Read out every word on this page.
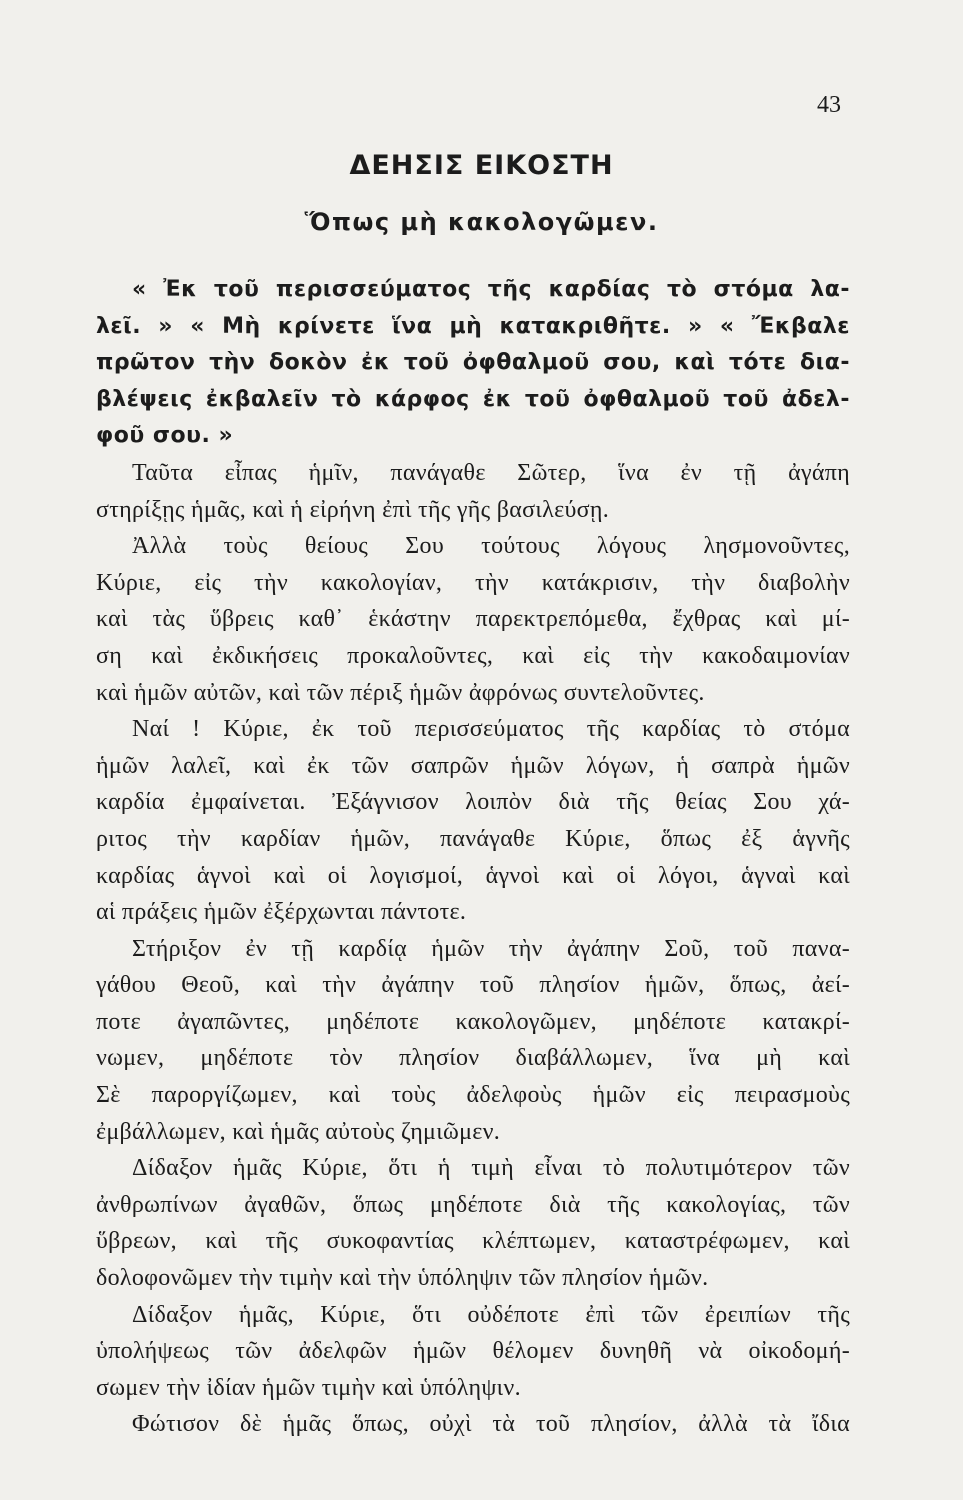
43
ΔΕΗΣΙΣ ΕΙΚΟΣΤΗ
Ὅπως μὴ κακολογῶμεν.
« Ἐκ τοῦ περισσεύματος τῆς καρδίας τὸ στόμα λα-
λεῖ. » « Μὴ κρίνετε ἵνα μὴ κατακριθῆτε. » « Ἔκβαλε
πρῶτον τὴν δοκὸν ἐκ τοῦ ὀφθαλμοῦ σου, καὶ τότε δια-
βλέψεις ἐκβαλεῖν τὸ κάρφος ἐκ τοῦ ὀφθαλμοῦ τοῦ ἀδελ-
φοῦ σου. »
Ταῦτα εἶπας ἡμῖν, πανάγαθε Σῶτερ, ἵνα ἐν τῇ ἀγάπη
στηρίξῃς ἡμᾶς, καὶ ἡ εἰρήνη ἐπὶ τῆς γῆς βασιλεύσῃ.
Ἀλλὰ τοὺς θείους Σου τούτους λόγους λησμονοῦντες,
Κύριε, εἰς τὴν κακολογίαν, τὴν κατάκρισιν, τὴν διαβολὴν
καὶ τὰς ὕβρεις καθ᾽ ἑκάστην παρεκτρεπόμεθα, ἔχθρας καὶ μί-
ση καὶ ἐκδικήσεις προκαλοῦντες, καὶ εἰς τὴν κακοδαιμονίαν
καὶ ἡμῶν αὐτῶν, καὶ τῶν πέριξ ἡμῶν ἀφρόνως συντελοῦντες.
Ναί ! Κύριε, ἐκ τοῦ περισσεύματος τῆς καρδίας τὸ στόμα
ἡμῶν λαλεῖ, καὶ ἐκ τῶν σαπρῶν ἡμῶν λόγων, ἡ σαπρὰ ἡμῶν
καρδία ἐμφαίνεται. Ἐξάγνισον λοιπὸν διὰ τῆς θείας Σου χά-
ριτος τὴν καρδίαν ἡμῶν, πανάγαθε Κύριε, ὅπως ἐξ ἁγνῆς
καρδίας ἁγνοὶ καὶ οἱ λογισμοί, ἁγνοὶ καὶ οἱ λόγοι, ἁγναὶ καὶ
αἱ πράξεις ἡμῶν ἐξέρχωνται πάντοτε.
Στήριξον ἐν τῇ καρδίᾳ ἡμῶν τὴν ἀγάπην Σοῦ, τοῦ πανα-
γάθου Θεοῦ, καὶ τὴν ἀγάπην τοῦ πλησίον ἡμῶν, ὅπως, ἀεί-
ποτε ἀγαπῶντες, μηδέποτε κακολογῶμεν, μηδέποτε κατακρί-
νωμεν, μηδέποτε τὸν πλησίον διαβάλλωμεν, ἵνα μὴ καὶ
Σὲ παροργίζωμεν, καὶ τοὺς ἀδελφοὺς ἡμῶν εἰς πειρασμοὺς
ἐμβάλλωμεν, καὶ ἡμᾶς αὐτοὺς ζημιῶμεν.
Δίδαξον ἡμᾶς Κύριε, ὅτι ἡ τιμὴ εἶναι τὸ πολυτιμότερον τῶν
ἀνθρωπίνων ἀγαθῶν, ὅπως μηδέποτε διὰ τῆς κακολογίας, τῶν
ὕβρεων, καὶ τῆς συκοφαντίας κλέπτωμεν, καταστρέφωμεν, καὶ
δολοφονῶμεν τὴν τιμὴν καὶ τὴν ὑπόληψιν τῶν πλησίον ἡμῶν.
Δίδαξον ἡμᾶς, Κύριε, ὅτι οὐδέποτε ἐπὶ τῶν ἐρειπίων τῆς
ὑπολήψεως τῶν ἀδελφῶν ἡμῶν θέλομεν δυνηθῆ νὰ οἰκοδομή-
σωμεν τὴν ἰδίαν ἡμῶν τιμὴν καὶ ὑπόληψιν.
Φώτισον δὲ ἡμᾶς ὅπως, οὐχὶ τὰ τοῦ πλησίον, ἀλλὰ τὰ ἴδια
